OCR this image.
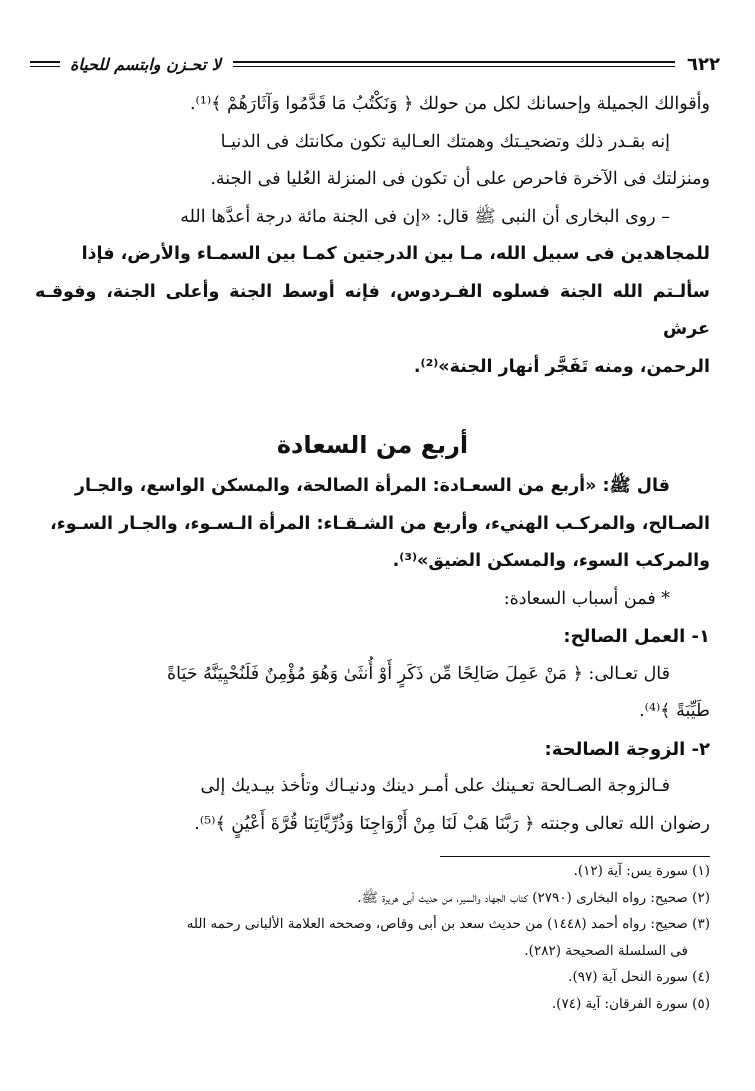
لا تحـزن وابتسم للحياة	٦٢٢

وأقوالك الجميلة وإحسانك لكل من حولك ﴿ وَنَكْتُبُ مَا قَدَّمُوا وَآثَارَهُمْ ﴾⁽¹⁾.

إنه بقـدر ذلك وتضحيـتك وهمتك العـالية تكون مكانتك فى الدنيـا

ومنزلتك فى الآخرة فاحرص على أن تكون فى المنزلة العُليا فى الجنة.

– روى البخارى أن النبى ﷺ قال: «إن فى الجنة مائة درجة أعدَّها الله

للمجاهدين فى سبيل الله، مـا بين الدرجتين كمـا بين السمـاء والأرض، فإذا

سألـتم الله الجنة فسلوه الفـردوس، فإنه أوسط الجنة وأعلى الجنة، وفوقـه عرش

الرحمن، ومنه تَفَجَّر أنهار الجنة»⁽²⁾.

أربع من السعادة

قال ﷺ: «أربع من السعـادة: المرأة الصالحة، والمسكن الواسع، والجـار

الصـالح، والمركـب الهنيء، وأربع من الشـقـاء: المرأة الـسـوء، والجـار السـوء،

والمركب السوء، والمسكن الضيق»⁽³⁾.

* فمن أسباب السعادة:

١- العمل الصالح:

قال تعـالى: ﴿ مَنْ عَمِلَ صَالِحًا مِّن ذَكَرٍ أَوْ أُنثَىٰ وَهُوَ مُؤْمِنٌ فَلَنُحْيِيَنَّهُ حَيَاةً

طَيِّبَةً ﴾⁽⁴⁾.

٢- الزوجة الصالحة:

فـالزوجة الصـالحة تعـينك على أمـر دينك ودنيـاك وتأخذ بيـديك إلى

رضوان الله تعالى وجنته ﴿ رَبَّنَا هَبْ لَنَا مِنْ أَزْوَاجِنَا وَذُرِّيَّاتِنَا قُرَّةَ أَعْيُنٍ ﴾⁽⁵⁾.

(١) سورة يس: آية (١٢).

(٢) صحيح: رواه البخارى (٢٧٩٠) كتاب الجهاد والسير، من حديث أبى هريرة ﷺ.

(٣) صحيح: رواه أحمد (١٤٤٨) من حديث سعد بن أبى وقاص، وصححه العلامة الألبانى رحمه الله

فى السلسلة الصحيحة (٢٨٢).

(٤) سورة النحل آية (٩٧).

(٥) سورة الفرقان: آية (٧٤).
